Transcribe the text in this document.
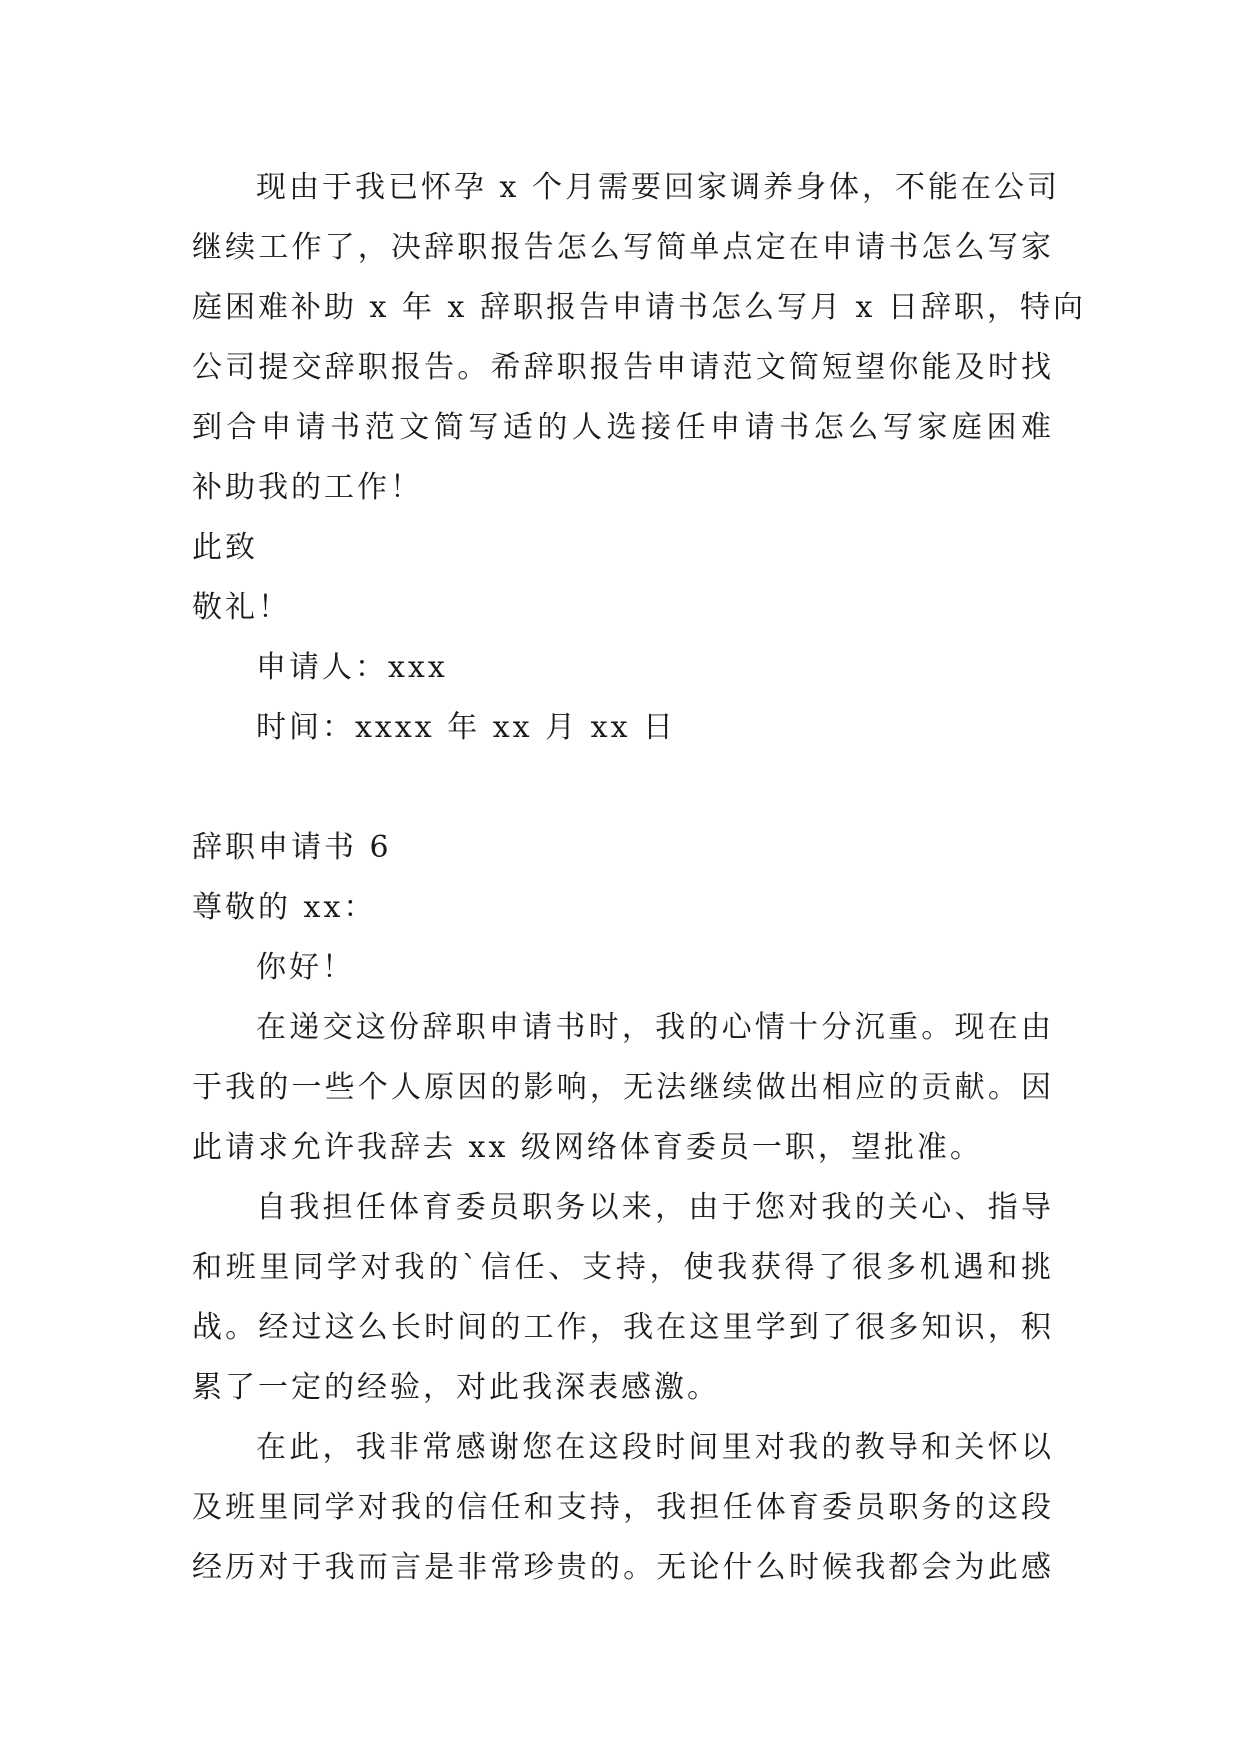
现由于我已怀孕 x 个月需要回家调养身体，不能在公司
继续工作了，决辞职报告怎么写简单点定在申请书怎么写家
庭困难补助 x 年 x 辞职报告申请书怎么写月 x 日辞职，特向
公司提交辞职报告。希辞职报告申请范文简短望你能及时找
到合申请书范文简写适的人选接任申请书怎么写家庭困难
补助我的工作！
此致
敬礼！
申请人：xxx
时间：xxxx 年 xx 月 xx 日
辞职申请书 6
尊敬的 xx：
你好！
在递交这份辞职申请书时，我的心情十分沉重。现在由
于我的一些个人原因的影响，无法继续做出相应的贡献。因
此请求允许我辞去 xx 级网络体育委员一职，望批准。
自我担任体育委员职务以来，由于您对我的关心、指导
和班里同学对我的`信任、支持，使我获得了很多机遇和挑
战。经过这么长时间的工作，我在这里学到了很多知识，积
累了一定的经验，对此我深表感激。
在此，我非常感谢您在这段时间里对我的教导和关怀以
及班里同学对我的信任和支持，我担任体育委员职务的这段
经历对于我而言是非常珍贵的。无论什么时候我都会为此感
